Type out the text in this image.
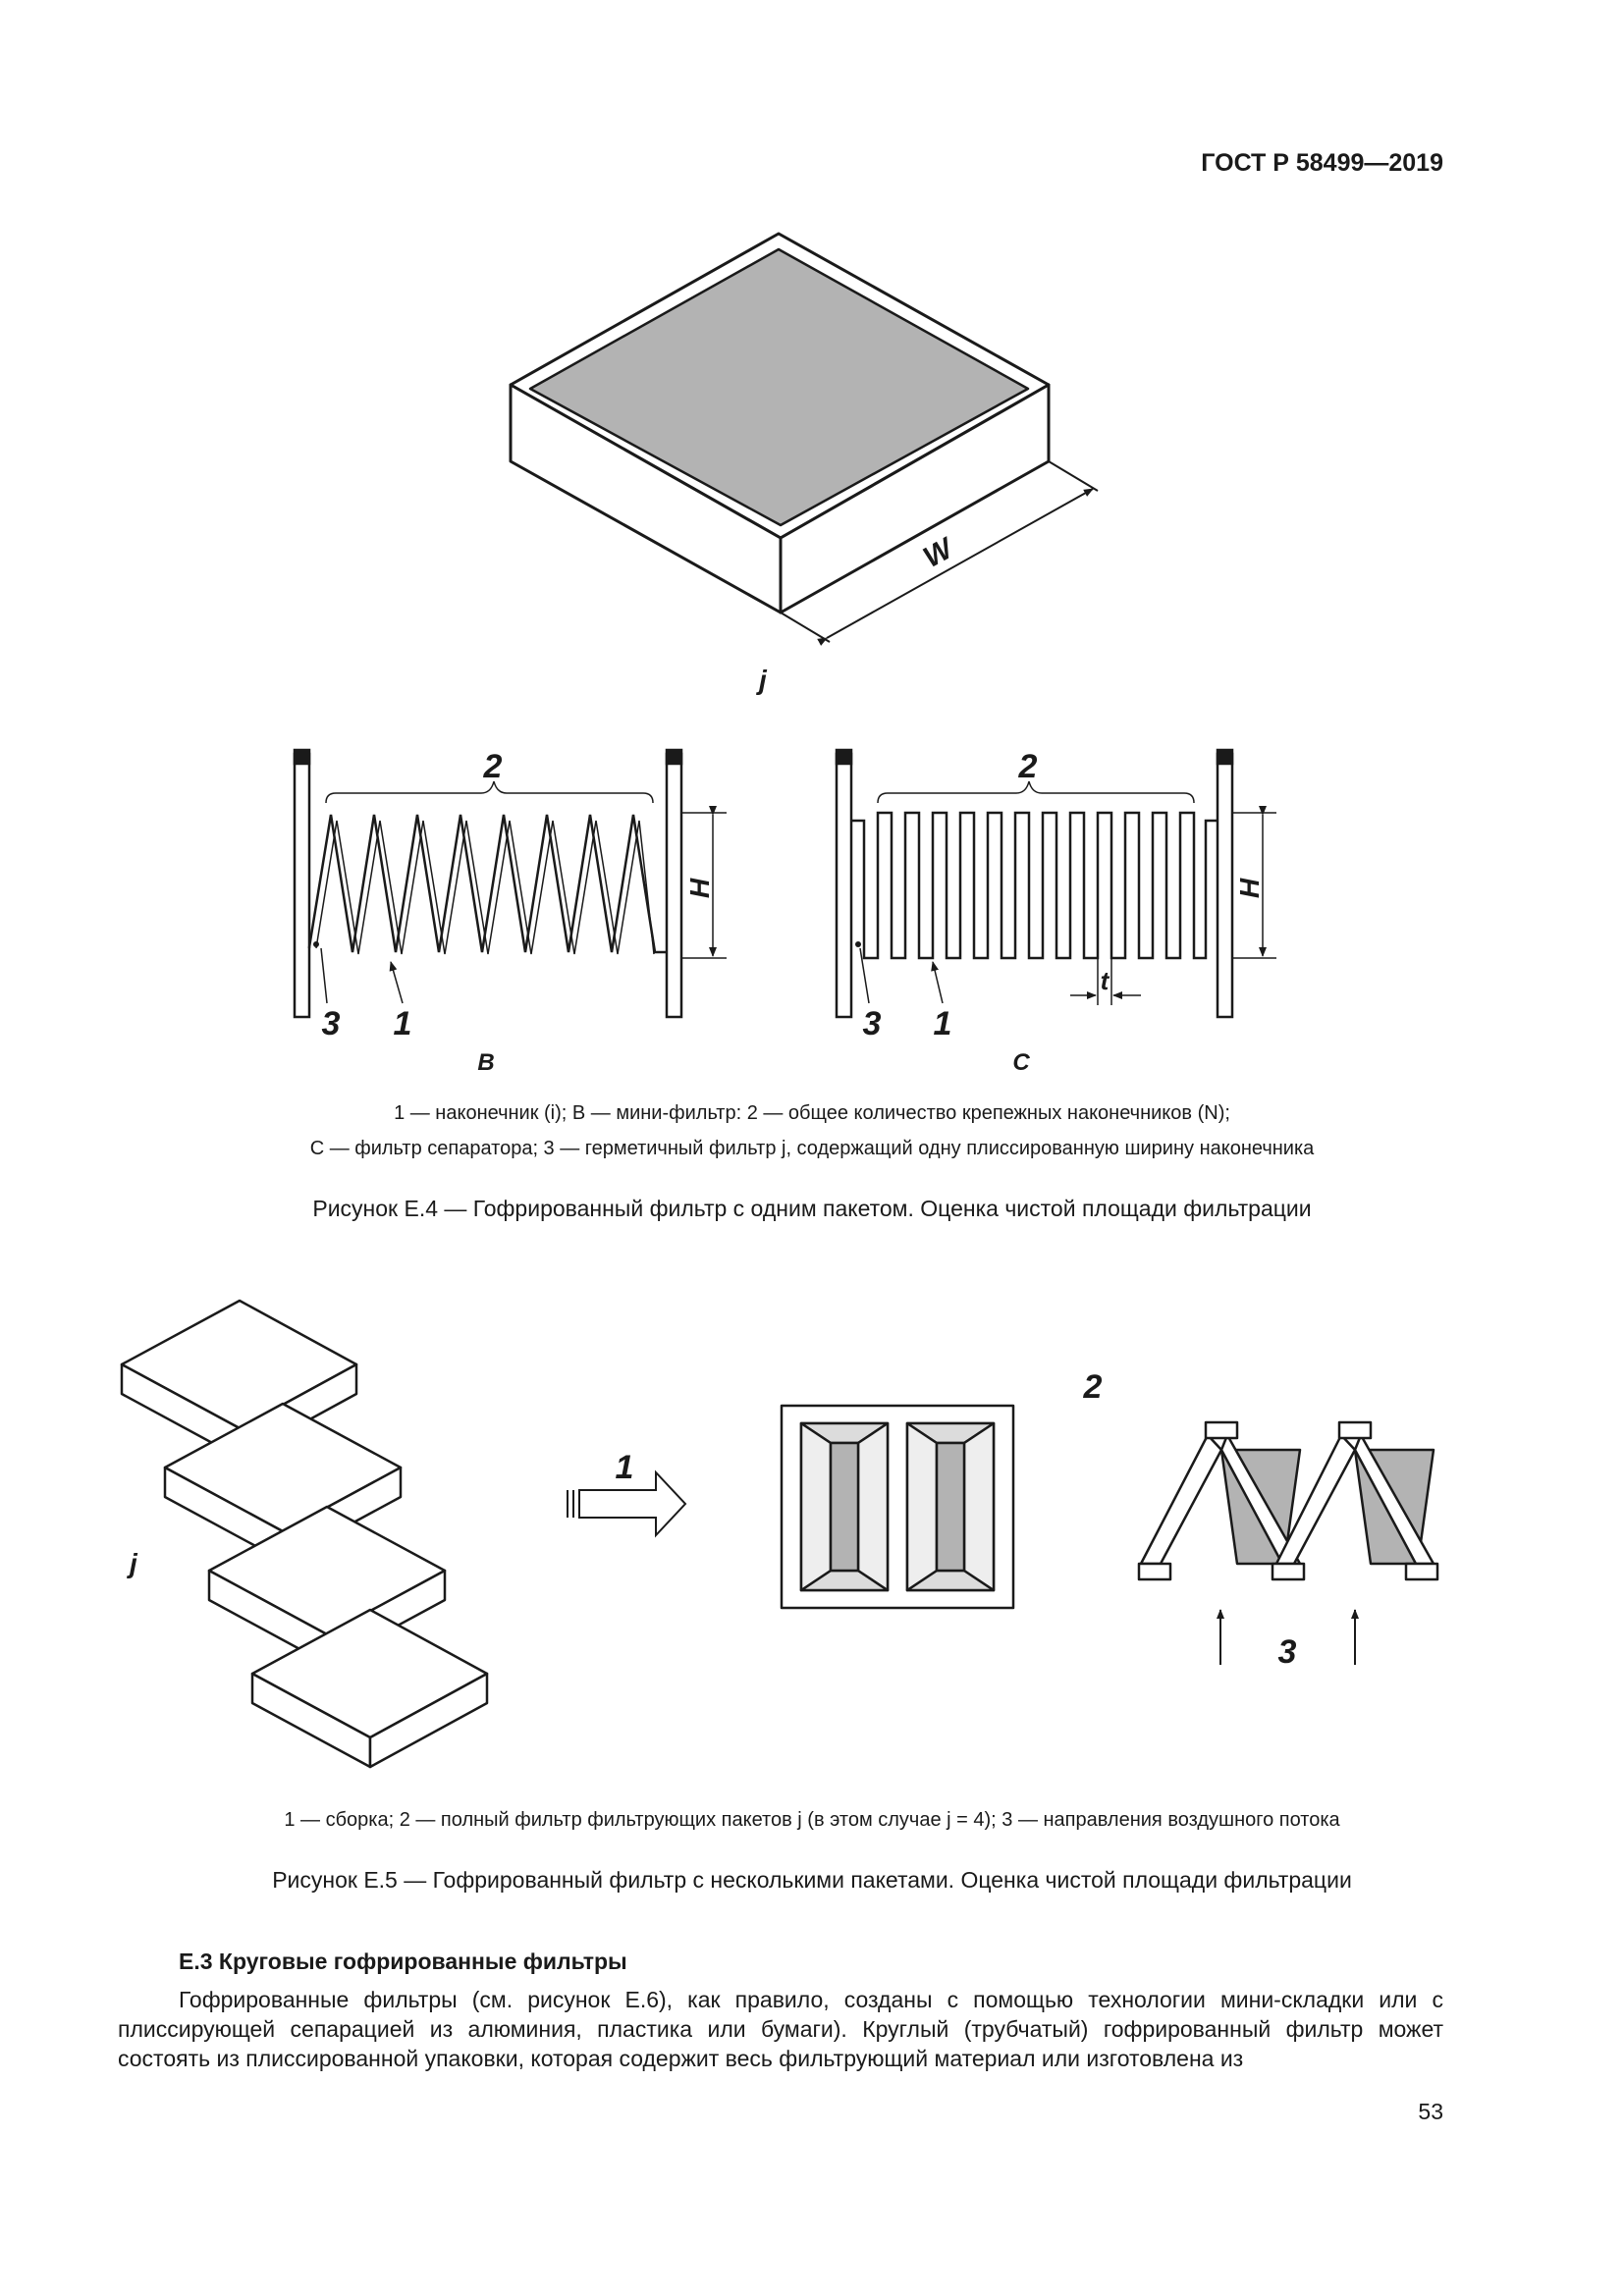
ГОСТ Р 58499—2019
W
j
2
H
3 1
B
2
H
3 1
t
C
j
1
2
3
1 — наконечник (i); B — мини-фильтр: 2 — общее количество крепежных наконечников (N);
C — фильтр сепаратора; 3 — герметичный фильтр j, содержащий одну плиссированную ширину наконечника
Рисунок Е.4 — Гофрированный фильтр с одним пакетом. Оценка чистой площади фильтрации
1 — сборка; 2 — полный фильтр фильтрующих пакетов j (в этом случае j = 4); 3 — направления воздушного потока
Рисунок Е.5 — Гофрированный фильтр с несколькими пакетами. Оценка чистой площади фильтрации
Е.3 Круговые гофрированные фильтры
Гофрированные фильтры (см. рисунок Е.6), как правило, созданы с помощью технологии мини-складки или с плиссирующей сепарацией из алюминия, пластика или бумаги). Круглый (трубчатый) гофрированный фильтр может состоять из плиссированной упаковки, которая содержит весь фильтрующий материал или изготовлена из
53
